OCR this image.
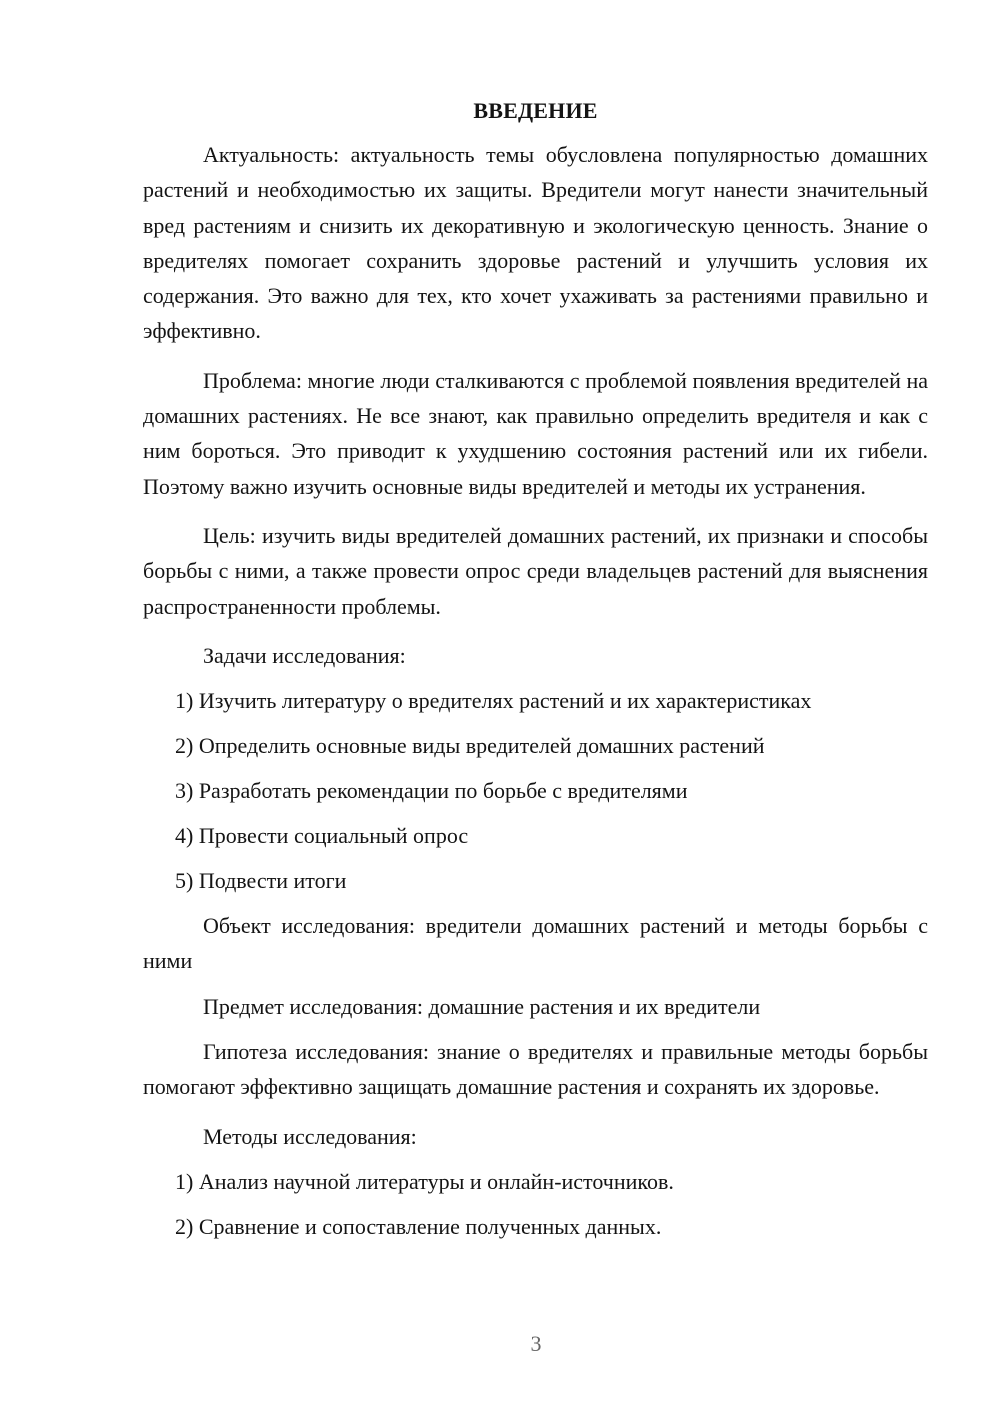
ВВЕДЕНИЕ

Актуальность: актуальность темы обусловлена популярностью домашних растений и необходимостью их защиты. Вредители могут нанести значительный вред растениям и снизить их декоративную и экологическую ценность. Знание о вредителях помогает сохранить здоровье растений и улучшить условия их содержания. Это важно для тех, кто хочет ухаживать за растениями правильно и эффективно.

Проблема: многие люди сталкиваются с проблемой появления вредителей на домашних растениях. Не все знают, как правильно определить вредителя и как с ним бороться. Это приводит к ухудшению состояния растений или их гибели. Поэтому важно изучить основные виды вредителей и методы их устранения.

Цель: изучить виды вредителей домашних растений, их признаки и способы борьбы с ними, а также провести опрос среди владельцев растений для выяснения распространенности проблемы.

Задачи исследования:

1) Изучить литературу о вредителях растений и их характеристиках

2) Определить основные виды вредителей домашних растений

3) Разработать рекомендации по борьбе с вредителями

4) Провести социальный опрос

5) Подвести итоги

Объект исследования: вредители домашних растений и методы борьбы с ними

Предмет исследования: домашние растения и их вредители

Гипотеза исследования: знание о вредителях и правильные методы борьбы помогают эффективно защищать домашние растения и сохранять их здоровье.

Методы исследования:

1) Анализ научной литературы и онлайн-источников.

2) Сравнение и сопоставление полученных данных.

3
